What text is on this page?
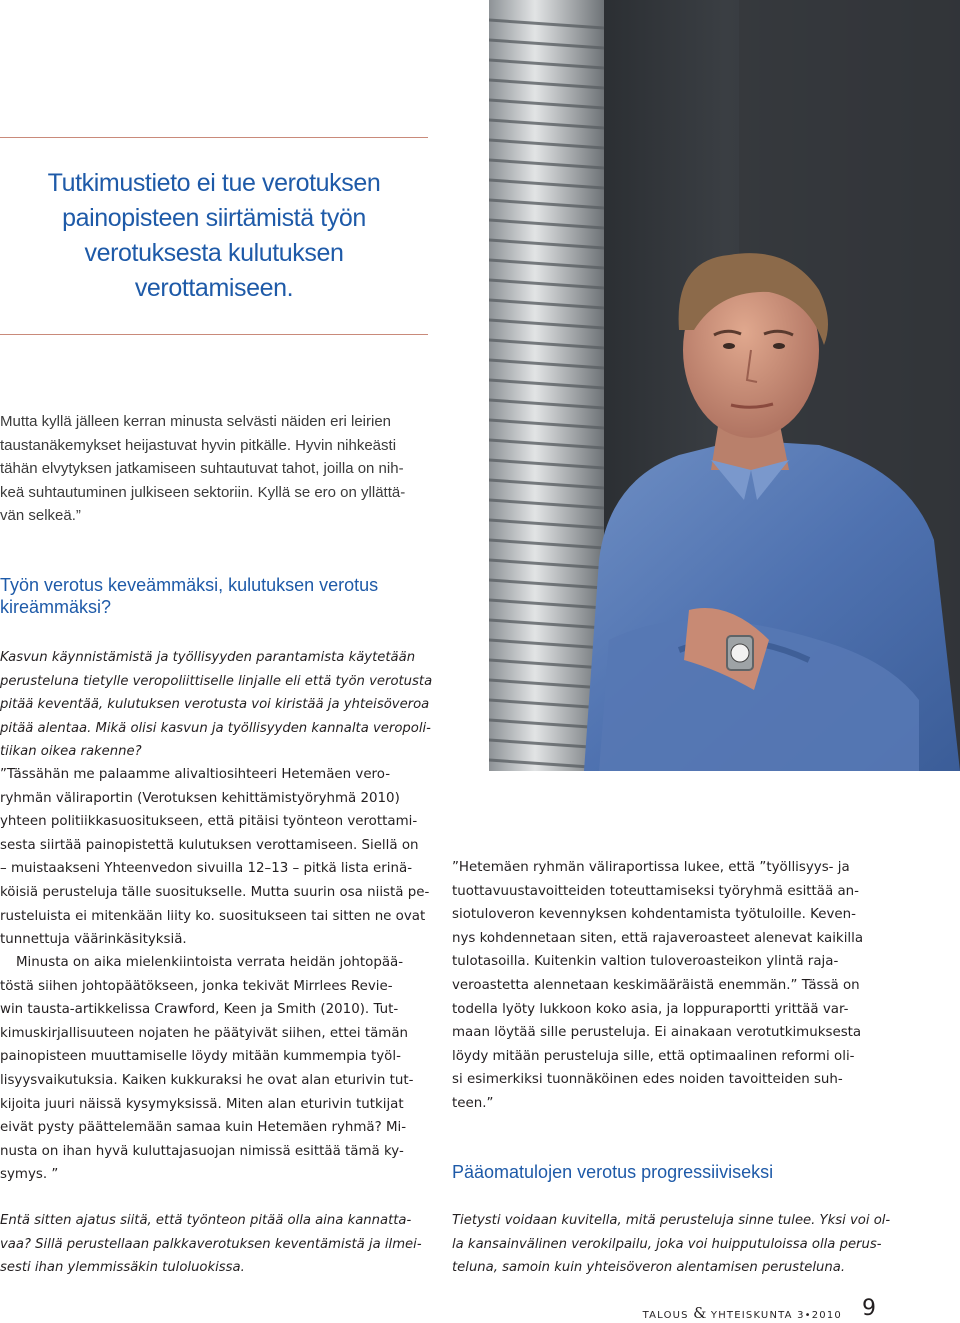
Tutkimustieto ei tue verotuksen
painopisteen siirtämistä työn
verotuksesta kulutuksen
verottamiseen.
Mutta kyllä jälleen kerran minusta selvästi näiden eri leirien
taustanäkemykset heijastuvat hyvin pitkälle. Hyvin nihkeästi
tähän elvytyksen jatkamiseen suhtautuvat tahot, joilla on nih-
keä suhtautuminen julkiseen sektoriin. Kyllä se ero on yllättä-
vän selkeä.”
Työn verotus keveämmäksi, kulutuksen verotus
kireämmäksi?
Kasvun käynnistämistä ja työllisyyden parantamista käytetään
perusteluna tietylle veropoliittiselle linjalle eli että työn verotusta
pitää keventää, kulutuksen verotusta voi kiristää ja yhteisöveroa
pitää alentaa. Mikä olisi kasvun ja työllisyyden kannalta veropoli-
tiikan oikea rakenne?
”Tässähän me palaamme alivaltiosihteeri Hetemäen vero-
ryhmän väliraportin (Verotuksen kehittämistyöryhmä 2010)
yhteen politiikkasuositukseen, että pitäisi työnteon verottami-
sesta siirtää painopistettä kulutuksen verottamiseen. Siellä on
– muistaakseni Yhteenvedon sivuilla 12–13 – pitkä lista erinä-
köisiä perusteluja tälle suositukselle. Mutta suurin osa niistä pe-
rusteluista ei mitenkään liity ko. suositukseen tai sitten ne ovat
tunnettuja väärinkäsityksiä.
Minusta on aika mielenkiintoista verrata heidän johtopää-
töstä siihen johtopäätökseen, jonka tekivät Mirrlees Revie-
win tausta-artikkelissa Crawford, Keen ja Smith (2010). Tut-
kimuskirjallisuuteen nojaten he päätyivät siihen, ettei tämän
painopisteen muuttamiselle löydy mitään kummempia työl-
lisyysvaikutuksia. Kaiken kukkuraksi he ovat alan eturivin tut-
kijoita juuri näissä kysymyksissä. Miten alan eturivin tutkijat
eivät pysty päättelemään samaa kuin Hetemäen ryhmä? Mi-
nusta on ihan hyvä kuluttajasuojan nimissä esittää tämä ky-
symys. ”
Entä sitten ajatus siitä, että työnteon pitää olla aina kannatta-
vaa? Sillä perustellaan palkkaverotuksen keventämistä ja ilmei-
sesti ihan ylemmissäkin tuloluokissa.
”Hetemäen ryhmän väliraportissa lukee, että ”työllisyys- ja
tuottavuustavoitteiden toteuttamiseksi työryhmä esittää an-
siotuloveron kevennyksen kohdentamista työtuloille. Keven-
nys kohdennetaan siten, että rajaveroasteet alenevat kaikilla
tulotasoilla. Kuitenkin valtion tuloveroasteikon ylintä raja-
veroastetta alennetaan keskimääräistä enemmän.” Tässä on
todella lyöty lukkoon koko asia, ja loppuraportti yrittää var-
maan löytää sille perusteluja. Ei ainakaan verotutkimuksesta
löydy mitään perusteluja sille, että optimaalinen reformi oli-
si esimerkiksi tuonnäköinen edes noiden tavoitteiden suh-
teen.”
Pääomatulojen verotus progressiiviseksi
Tietysti voidaan kuvitella, mitä perusteluja sinne tulee. Yksi voi ol-
la kansainvälinen verokilpailu, joka voi huipputuloissa olla perus-
teluna, samoin kuin yhteisöveron alentamisen perusteluna.
TALOUS & YHTEISKUNTA 3•2010 9
